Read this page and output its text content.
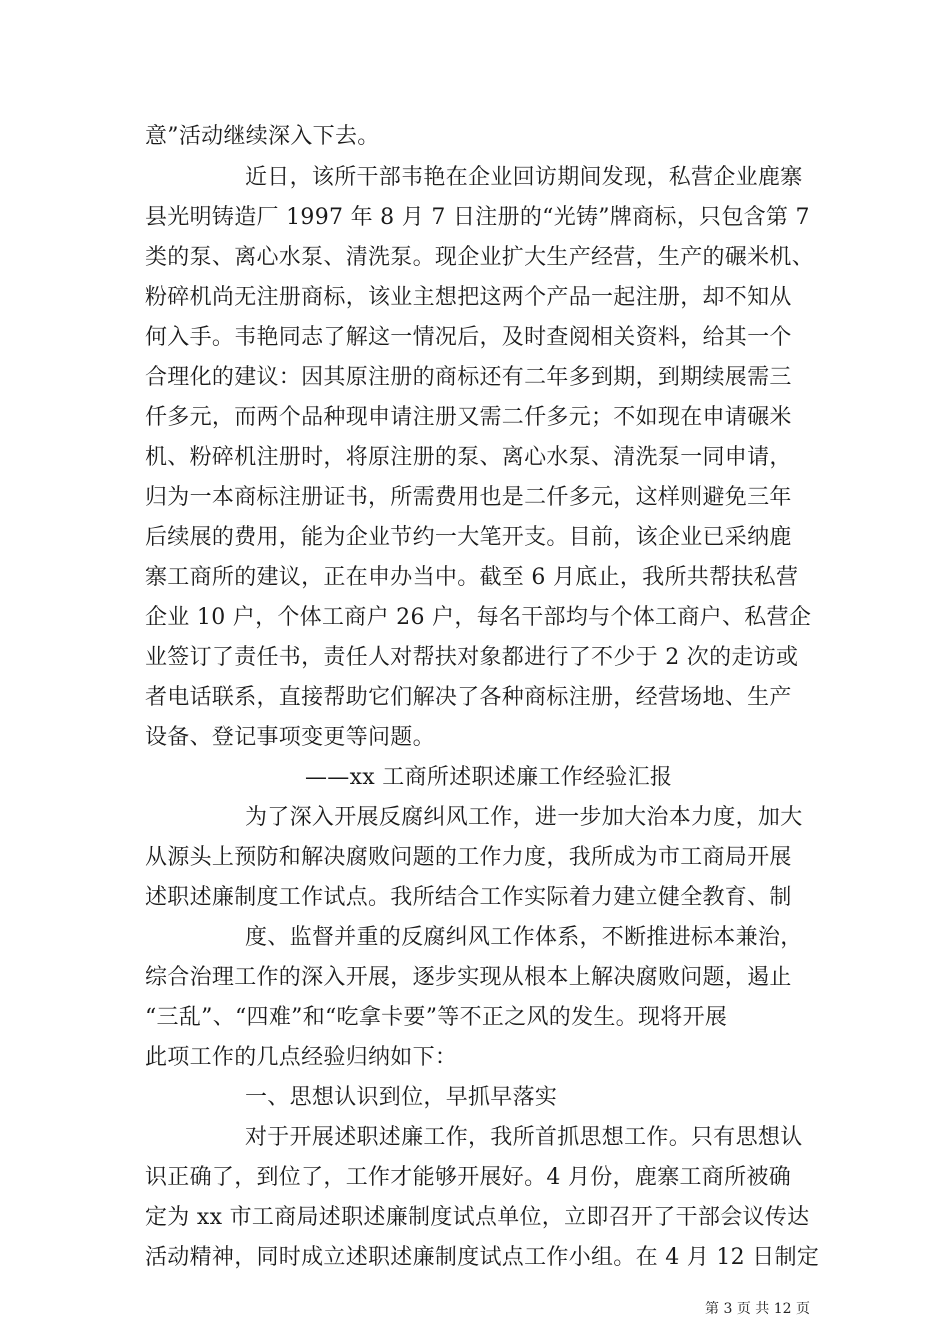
意”活动继续深入下去。
近日，该所干部韦艳在企业回访期间发现，私营企业鹿寨
县光明铸造厂 1997 年 8 月 7 日注册的“光铸”牌商标，只包含第 7
类的泵、离心水泵、清洗泵。现企业扩大生产经营，生产的碾米机、
粉碎机尚无注册商标，该业主想把这两个产品一起注册，却不知从
何入手。韦艳同志了解这一情况后，及时查阅相关资料，给其一个
合理化的建议：因其原注册的商标还有二年多到期，到期续展需三
仟多元，而两个品种现申请注册又需二仟多元；不如现在申请碾米
机、粉碎机注册时，将原注册的泵、离心水泵、清洗泵一同申请，
归为一本商标注册证书，所需费用也是二仟多元，这样则避免三年
后续展的费用，能为企业节约一大笔开支。目前，该企业已采纳鹿
寨工商所的建议，正在申办当中。截至 6 月底止，我所共帮扶私营
企业 10 户，个体工商户 26 户，每名干部均与个体工商户、私营企
业签订了责任书，责任人对帮扶对象都进行了不少于 2 次的走访或
者电话联系，直接帮助它们解决了各种商标注册，经营场地、生产
设备、登记事项变更等问题。
——xx 工商所述职述廉工作经验汇报
为了深入开展反腐纠风工作，进一步加大治本力度，加大
从源头上预防和解决腐败问题的工作力度，我所成为市工商局开展
述职述廉制度工作试点。我所结合工作实际着力建立健全教育、制
度、监督并重的反腐纠风工作体系，不断推进标本兼治，
综合治理工作的深入开展，逐步实现从根本上解决腐败问题，遏止
“三乱”、“四难”和“吃拿卡要”等不正之风的发生。现将开展
此项工作的几点经验归纳如下：
一、思想认识到位，早抓早落实
对于开展述职述廉工作，我所首抓思想工作。只有思想认
识正确了，到位了，工作才能够开展好。4 月份，鹿寨工商所被确
定为 xx 市工商局述职述廉制度试点单位，立即召开了干部会议传达
活动精神，同时成立述职述廉制度试点工作小组。在 4 月 12 日制定
第 3 页 共 12 页
